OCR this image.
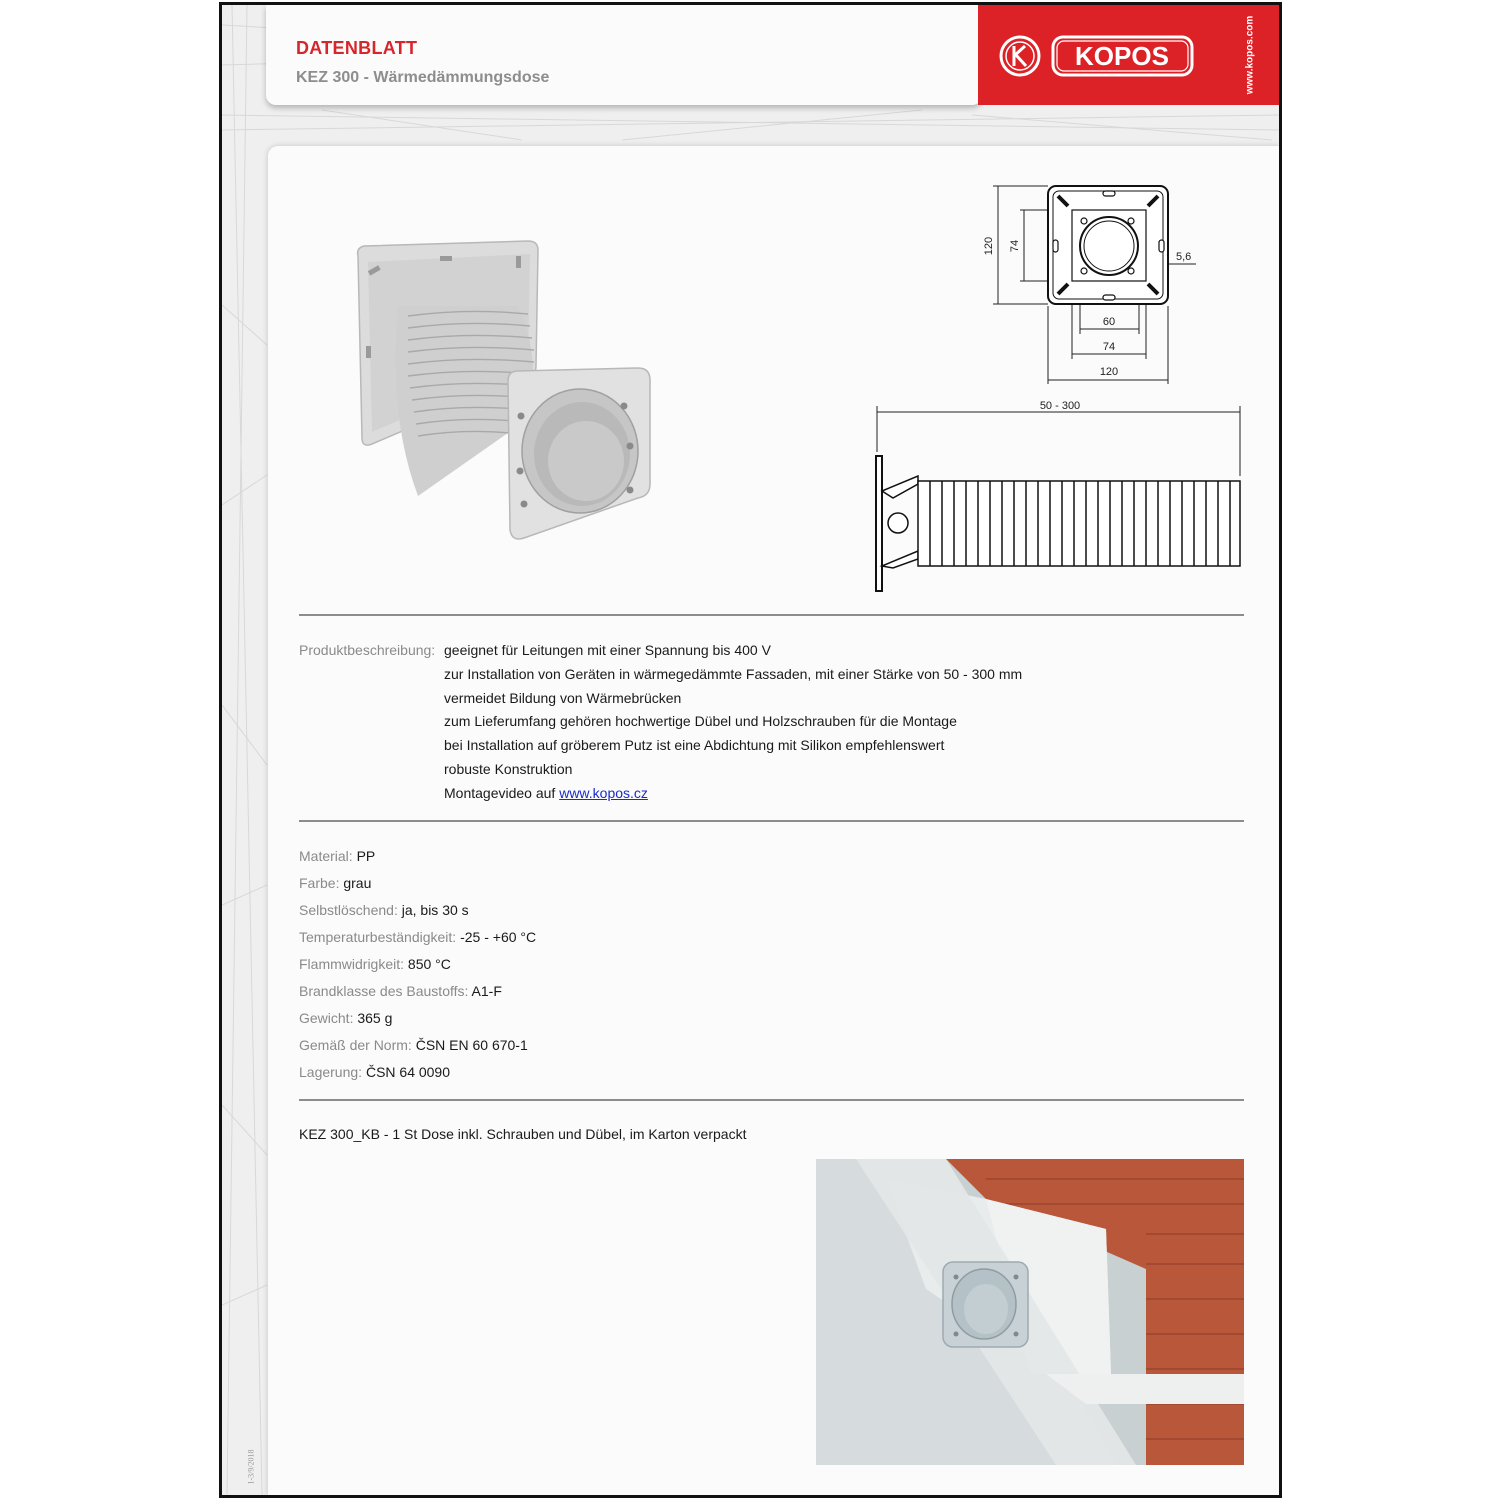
DATENBLATT
KEZ 300 - Wärmedämmungsdose
KOPOS	www.kopos.com
120 74
5,6
60
74
120
50 - 300
Produktbeschreibung: geeignet für Leitungen mit einer Spannung bis 400 V
zur Installation von Geräten in wärmegedämmte Fassaden, mit einer Stärke von 50 - 300 mm
vermeidet Bildung von Wärmebrücken
zum Lieferumfang gehören hochwertige Dübel und Holzschrauben für die Montage
bei Installation auf gröberem Putz ist eine Abdichtung mit Silikon empfehlenswert
robuste Konstruktion
Montagevideo auf www.kopos.cz
Material: PP
Farbe: grau
Selbstlöschend: ja, bis 30 s
Temperaturbeständigkeit: -25 - +60 °C
Flammwidrigkeit: 850 °C
Brandklasse des Baustoffs: A1-F
Gewicht: 365 g
Gemäß der Norm: ČSN EN 60 670-1
Lagerung: ČSN 64 0090
KEZ 300_KB - 1 St Dose inkl. Schrauben und Dübel, im Karton verpackt
1-3/9/2018
